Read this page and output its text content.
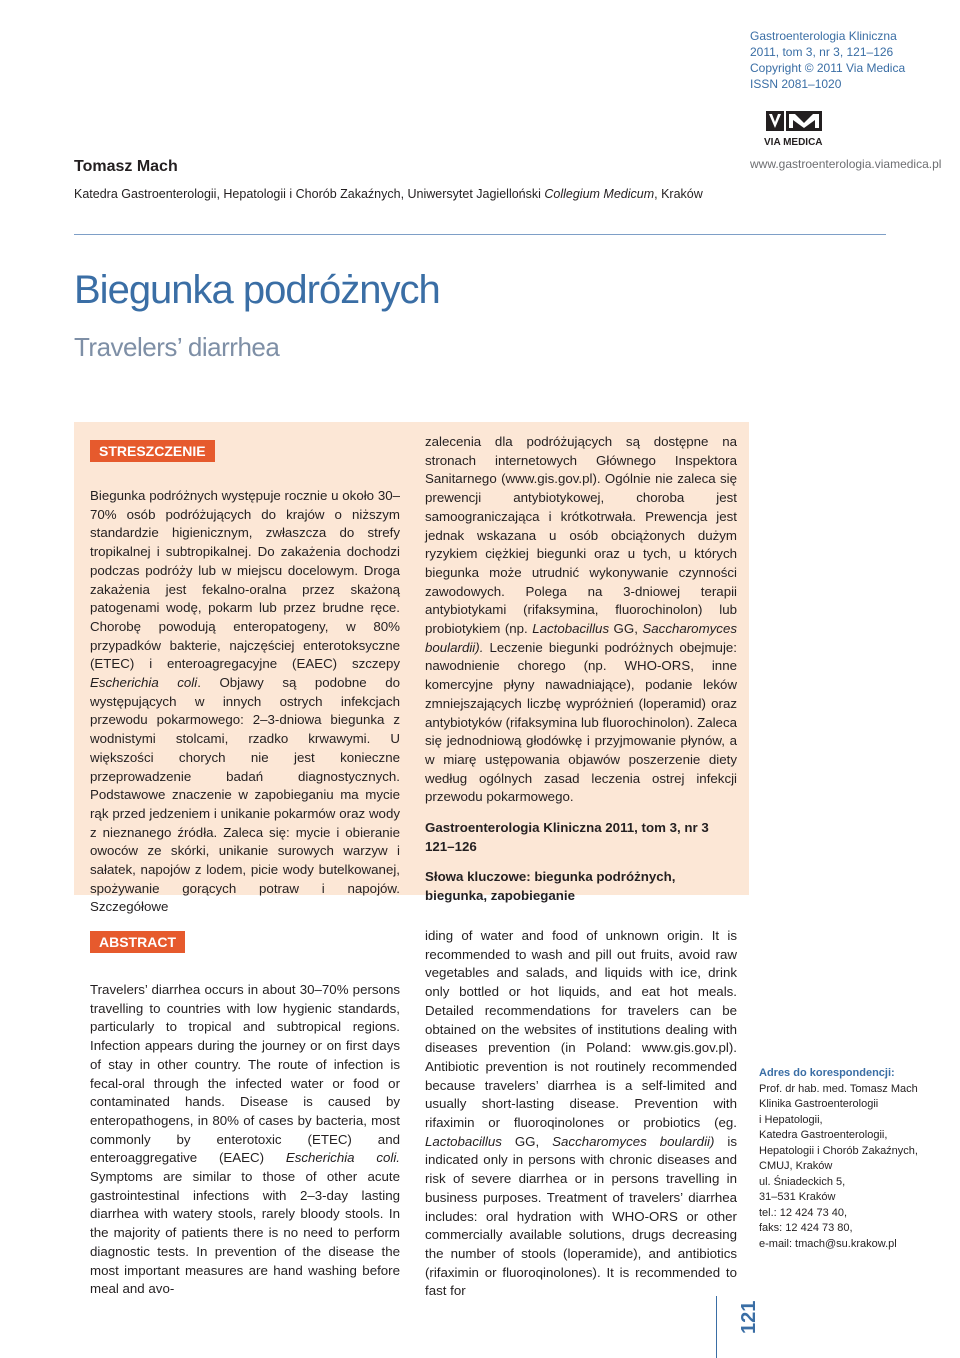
Gastroenterologia Kliniczna
2011, tom 3, nr 3, 121–126
Copyright © 2011 Via Medica
ISSN 2081–1020
VIA MEDICA
www.gastroenterologia.viamedica.pl
Tomasz Mach
Katedra Gastroenterologii, Hepatologii i Chorób Zakaźnych, Uniwersytet Jagielloński Collegium Medicum, Kraków
Biegunka podróżnych
Travelers’ diarrhea
STRESZCZENIE

Biegunka podróżnych występuje rocznie u około 30–70% osób podróżujących do krajów o niższym standardzie higienicznym, zwłaszcza do strefy tropikalnej i subtropikalnej. Do zakażenia dochodzi podczas podróży lub w miejscu docelowym. Droga zakażenia jest fekalno-oralna przez skażoną patogenami wodę, pokarm lub przez brudne ręce. Chorobę powodują enteropatogeny, w 80% przypadków bakterie, najczęściej enterotoksyczne (ETEC) i enteroagregacyjne (EAEC) szczepy Escherichia coli. Objawy są podobne do występujących w innych ostrych infekcjach przewodu pokarmowego: 2–3-dniowa biegunka z wodnistymi stolcami, rzadko krwawymi. U większości chorych nie jest konieczne przeprowadzenie badań diagnostycznych. Podstawowe znaczenie w zapobieganiu ma mycie rąk przed jedzeniem i unikanie pokarmów oraz wody z nieznanego źródła. Zaleca się: mycie i obieranie owoców ze skórki, unikanie surowych warzyw i sałatek, napojów z lodem, picie wody butelkowanej, spożywanie gorących potraw i napojów. Szczegółowe

zalecenia dla podróżujących są dostępne na stronach internetowych Głównego Inspektora Sanitarnego (www.gis.gov.pl). Ogólnie nie zaleca się prewencji antybiotykowej, choroba jest samoograniczająca i krótkotrwała. Prewencja jest jednak wskazana u osób obciążonych dużym ryzykiem ciężkiej biegunki oraz u tych, u których biegunka może utrudnić wykonywanie czynności zawodowych. Polega na 3-dniowej terapii antybiotykami (rifaksymina, fluorochinolon) lub probiotykiem (np. Lactobacillus GG, Saccharomyces boulardii). Leczenie biegunki podróżnych obejmuje: nawodnienie chorego (np. WHO-ORS, inne komercyjne płyny nawadniające), podanie leków zmniejszających liczbę wypróżnień (loperamid) oraz antybiotyków (rifaksymina lub fluorochinolon). Zaleca się jednodniową głodówkę i przyjmowanie płynów, a w miarę ustępowania objawów poszerzenie diety według ogólnych zasad leczenia ostrej infekcji przewodu pokarmowego.

Gastroenterologia Kliniczna 2011, tom 3, nr 3 121–126

Słowa kluczowe: biegunka podróżnych, biegunka, zapobieganie

ABSTRACT

Travelers’ diarrhea occurs in about 30–70% persons travelling to countries with low hygienic standards, particularly to tropical and subtropical regions. Infection appears during the journey or on first days of stay in other country. The route of infection is fecal-oral through the infected water or food or contaminated hands. Disease is caused by enteropathogens, in 80% of cases by bacteria, most commonly by enterotoxic (ETEC) and enteroaggregative (EAEC) Escherichia coli. Symptoms are similar to those of other acute gastrointestinal infections with 2–3-day lasting diarrhea with watery stools, rarely bloody stools. In the majority of patients there is no need to perform diagnostic tests. In prevention of the disease the most important measures are hand washing before meal and avo-

iding of water and food of unknown origin. It is recommended to wash and pill out fruits, avoid raw vegetables and salads, and liquids with ice, drink only bottled or hot liquids, and eat hot meals. Detailed recommendations for travelers can be obtained on the websites of institutions dealing with diseases prevention (in Poland: www.gis.gov.pl). Antibiotic prevention is not routinely recommended because travelers’ diarrhea is a self-limited and usually short-lasting disease. Prevention with rifaximin or fluoroqinolones or probiotics (eg. Lactobacillus GG, Saccharomyces boulardii) is indicated only in persons with chronic diseases and risk of severe diarrhea or in persons travelling in business purposes. Treatment of travelers’ diarrhea includes: oral hydration with WHO-ORS or other commercially available solutions, drugs decreasing the number of stools (loperamide), and antibiotics (rifaximin or fluoroqinolones). It is recommended to fast for

Adres do korespondencji:
Prof. dr hab. med. Tomasz Mach
Klinika Gastroenterologii
i Hepatologii,
Katedra Gastroenterologii,
Hepatologii i Chorób Zakaźnych,
CMUJ, Kraków
ul. Śniadeckich 5,
31–531 Kraków
tel.: 12 424 73 40,
faks: 12 424 73 80,
e-mail: tmach@su.krakow.pl
121
